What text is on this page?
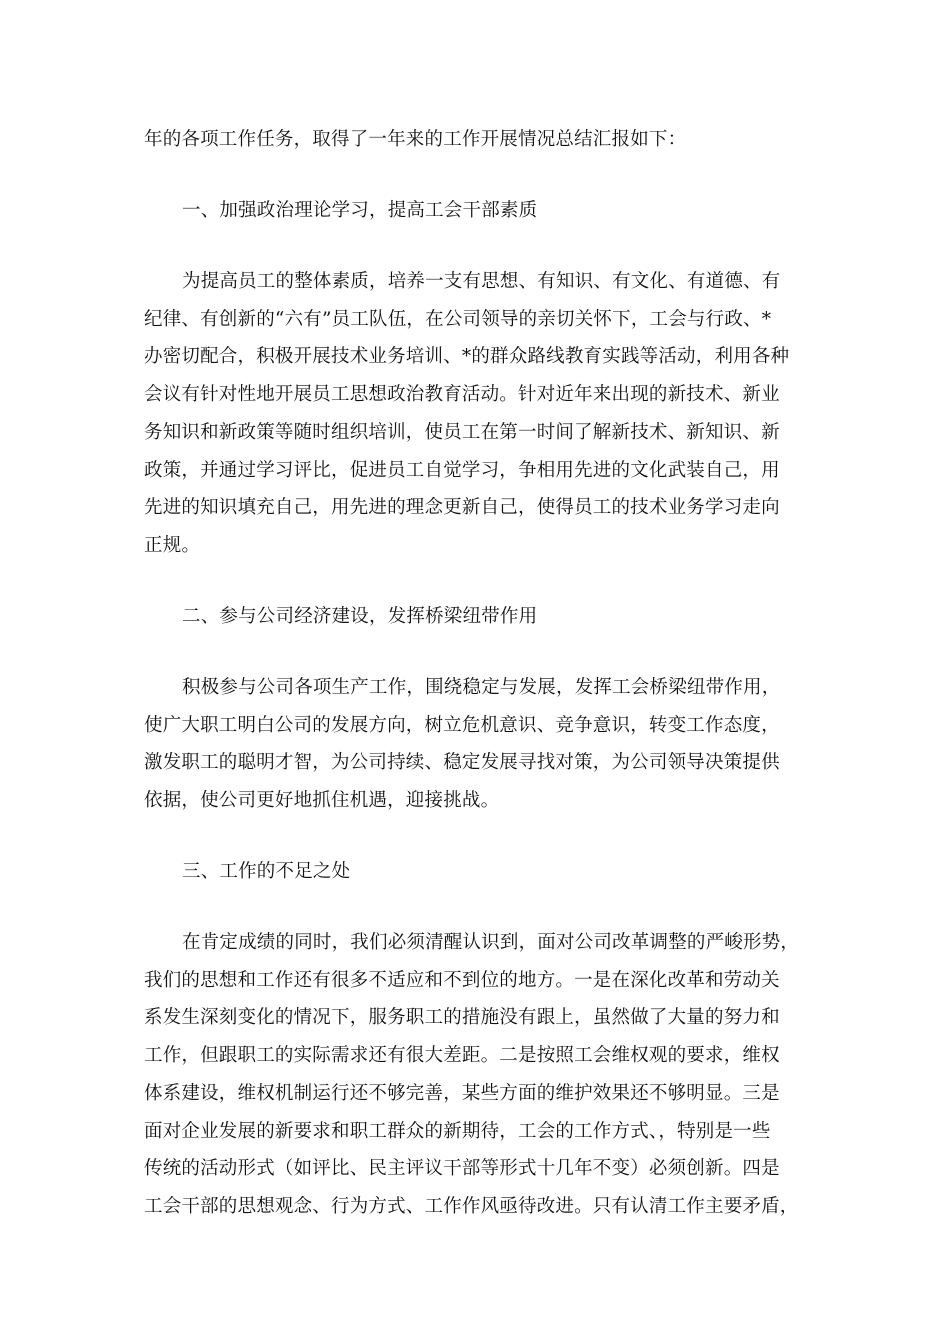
年的各项工作任务，取得了一年来的工作开展情况总结汇报如下：
一、加强政治理论学习，提高工会干部素质
为提高员工的整体素质，培养一支有思想、有知识、有文化、有道德、有
纪律、有创新的“六有”员工队伍，在公司领导的亲切关怀下，工会与行政、*
办密切配合，积极开展技术业务培训、*的群众路线教育实践等活动，利用各种
会议有针对性地开展员工思想政治教育活动。针对近年来出现的新技术、新业
务知识和新政策等随时组织培训，使员工在第一时间了解新技术、新知识、新
政策，并通过学习评比，促进员工自觉学习，争相用先进的文化武装自己，用
先进的知识填充自己，用先进的理念更新自己，使得员工的技术业务学习走向
正规。
二、参与公司经济建设，发挥桥梁纽带作用
积极参与公司各项生产工作，围绕稳定与发展，发挥工会桥梁纽带作用，
使广大职工明白公司的发展方向，树立危机意识、竞争意识，转变工作态度，
激发职工的聪明才智，为公司持续、稳定发展寻找对策，为公司领导决策提供
依据，使公司更好地抓住机遇，迎接挑战。
三、工作的不足之处
在肯定成绩的同时，我们必须清醒认识到，面对公司改革调整的严峻形势，
我们的思想和工作还有很多不适应和不到位的地方。一是在深化改革和劳动关
系发生深刻变化的情况下，服务职工的措施没有跟上，虽然做了大量的努力和
工作，但跟职工的实际需求还有很大差距。二是按照工会维权观的要求，维权
体系建设，维权机制运行还不够完善，某些方面的维护效果还不够明显。三是
面对企业发展的新要求和职工群众的新期待，工会的工作方式、，特别是一些
传统的活动形式（如评比、民主评议干部等形式十几年不变）必须创新。四是
工会干部的思想观念、行为方式、工作作风亟待改进。只有认清工作主要矛盾，
